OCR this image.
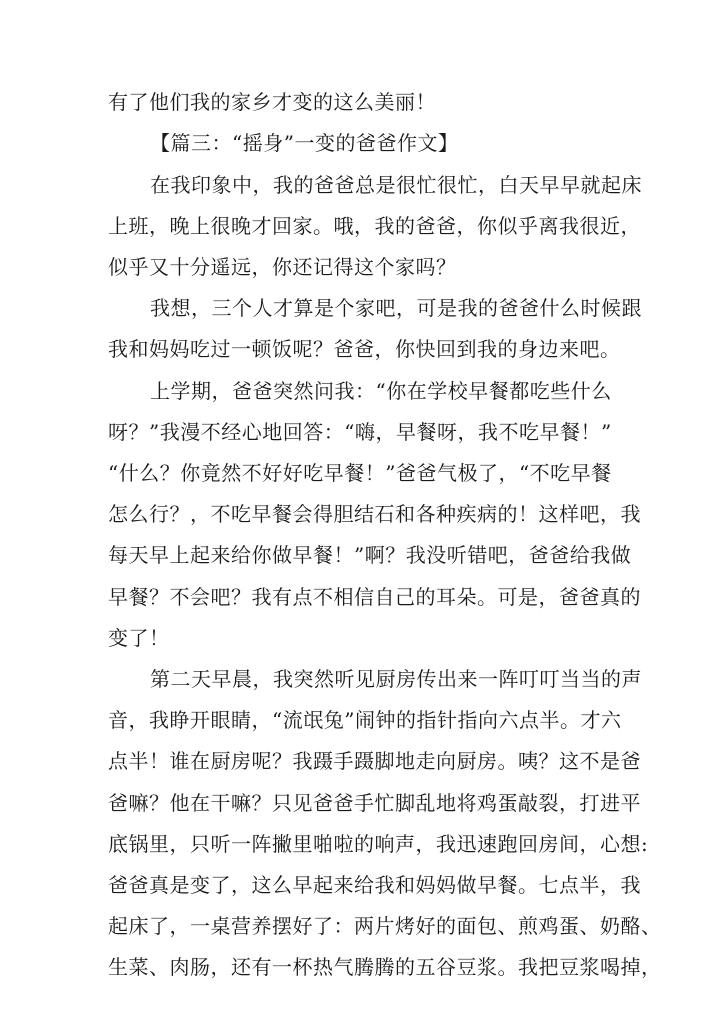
有了他们我的家乡才变的这么美丽！
【篇三：“摇身”一变的爸爸作文】
在我印象中，我的爸爸总是很忙很忙，白天早早就起床
上班，晚上很晚才回家。哦，我的爸爸，你似乎离我很近，
似乎又十分遥远，你还记得这个家吗？
我想，三个人才算是个家吧，可是我的爸爸什么时候跟
我和妈妈吃过一顿饭呢？爸爸，你快回到我的身边来吧。
上学期，爸爸突然问我：“你在学校早餐都吃些什么
呀？”我漫不经心地回答：“嗨，早餐呀，我不吃早餐！”
“什么？你竟然不好好吃早餐！”爸爸气极了，“不吃早餐
怎么行？，不吃早餐会得胆结石和各种疾病的！这样吧，我
每天早上起来给你做早餐！”啊？我没听错吧，爸爸给我做
早餐？不会吧？我有点不相信自己的耳朵。可是，爸爸真的
变了！
第二天早晨，我突然听见厨房传出来一阵叮叮当当的声
音，我睁开眼睛，“流氓兔”闹钟的指针指向六点半。才六
点半！谁在厨房呢？我蹑手蹑脚地走向厨房。咦？这不是爸
爸嘛？他在干嘛？只见爸爸手忙脚乱地将鸡蛋敲裂，打进平
底锅里，只听一阵撇里啪啦的响声，我迅速跑回房间，心想:
爸爸真是变了，这么早起来给我和妈妈做早餐。七点半，我
起床了，一桌营养摆好了：两片烤好的面包、煎鸡蛋、奶酪、
生菜、肉肠，还有一杯热气腾腾的五谷豆浆。我把豆浆喝掉，
